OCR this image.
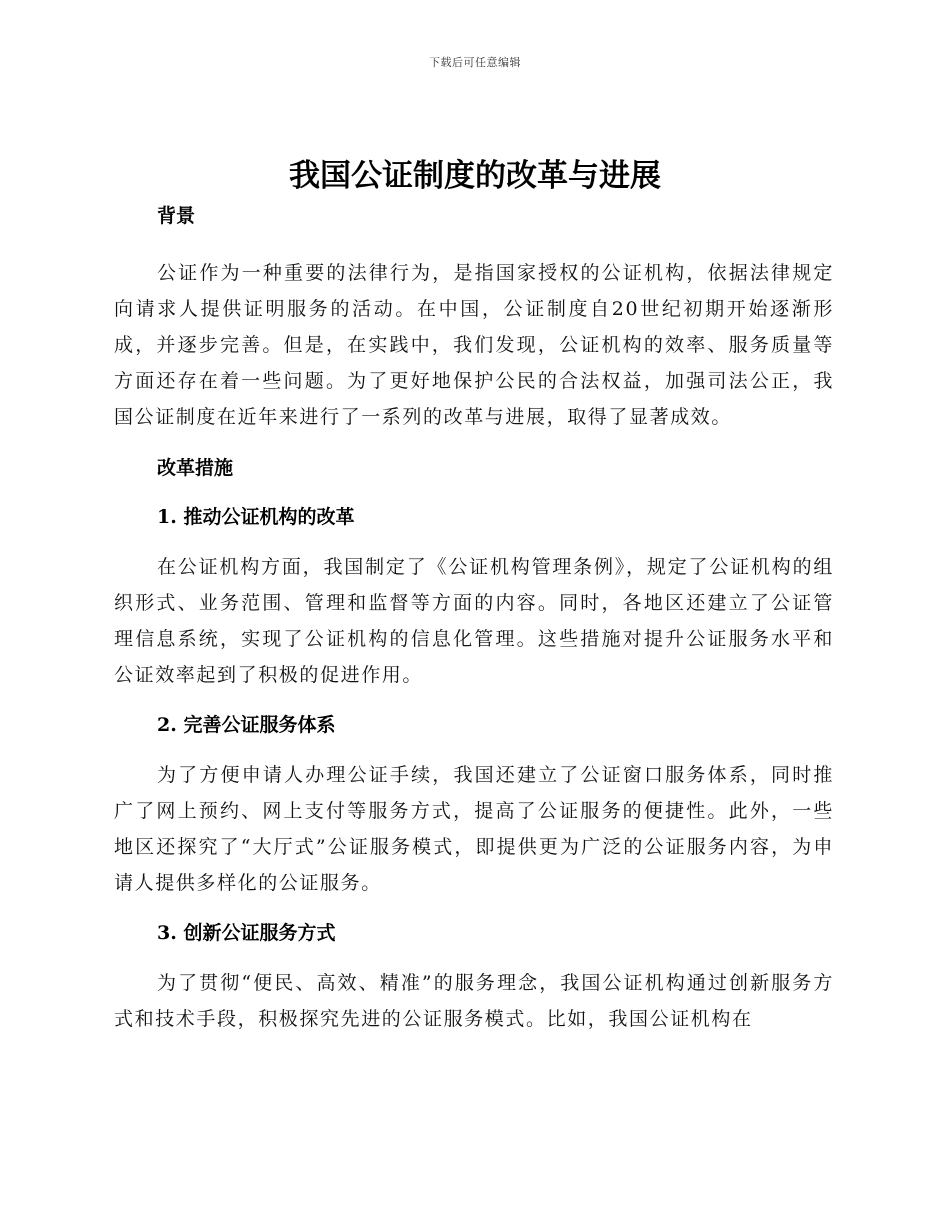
下载后可任意编辑
我国公证制度的改革与进展

背景

公证作为一种重要的法律行为，是指国家授权的公证机构，依据法律规定向请求人提供证明服务的活动。在中国，公证制度自20世纪初期开始逐渐形成，并逐步完善。但是，在实践中，我们发现，公证机构的效率、服务质量等方面还存在着一些问题。为了更好地保护公民的合法权益，加强司法公正，我国公证制度在近年来进行了一系列的改革与进展，取得了显著成效。

改革措施

1. 推动公证机构的改革

在公证机构方面，我国制定了《公证机构管理条例》，规定了公证机构的组织形式、业务范围、管理和监督等方面的内容。同时，各地区还建立了公证管理信息系统，实现了公证机构的信息化管理。这些措施对提升公证服务水平和公证效率起到了积极的促进作用。

2. 完善公证服务体系

为了方便申请人办理公证手续，我国还建立了公证窗口服务体系，同时推广了网上预约、网上支付等服务方式，提高了公证服务的便捷性。此外，一些地区还探究了“大厅式”公证服务模式，即提供更为广泛的公证服务内容，为申请人提供多样化的公证服务。

3. 创新公证服务方式

为了贯彻“便民、高效、精准”的服务理念，我国公证机构通过创新服务方式和技术手段，积极探究先进的公证服务模式。比如，我国公证机构在
